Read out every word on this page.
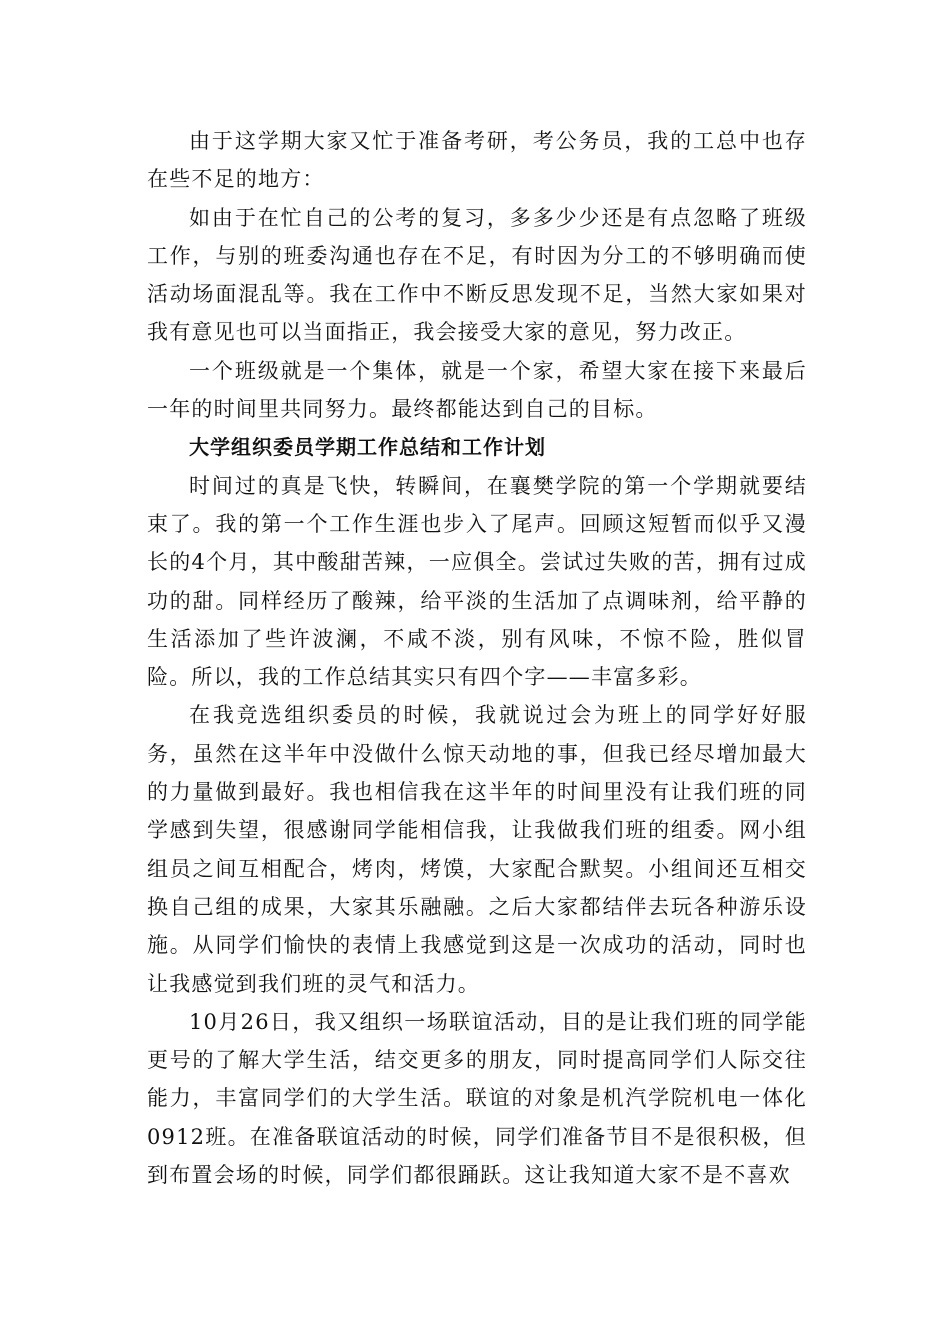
由于这学期大家又忙于准备考研，考公务员，我的工总中也存在些不足的地方：

如由于在忙自己的公考的复习，多多少少还是有点忽略了班级工作，与别的班委沟通也存在不足，有时因为分工的不够明确而使活动场面混乱等。我在工作中不断反思发现不足，当然大家如果对我有意见也可以当面指正，我会接受大家的意见，努力改正。

一个班级就是一个集体，就是一个家，希望大家在接下来最后一年的时间里共同努力。最终都能达到自己的目标。

大学组织委员学期工作总结和工作计划

时间过的真是飞快，转瞬间，在襄樊学院的第一个学期就要结束了。我的第一个工作生涯也步入了尾声。回顾这短暂而似乎又漫长的4个月，其中酸甜苦辣，一应俱全。尝试过失败的苦，拥有过成功的甜。同样经历了酸辣，给平淡的生活加了点调味剂，给平静的生活添加了些许波澜，不咸不淡，别有风味，不惊不险，胜似冒险。所以，我的工作总结其实只有四个字——丰富多彩。

在我竞选组织委员的时候，我就说过会为班上的同学好好服务，虽然在这半年中没做什么惊天动地的事，但我已经尽增加最大的力量做到最好。我也相信我在这半年的时间里没有让我们班的同学感到失望，很感谢同学能相信我，让我做我们班的组委。网小组组员之间互相配合，烤肉，烤馍，大家配合默契。小组间还互相交换自己组的成果，大家其乐融融。之后大家都结伴去玩各种游乐设施。从同学们愉快的表情上我感觉到这是一次成功的活动，同时也让我感觉到我们班的灵气和活力。

10月26日，我又组织一场联谊活动，目的是让我们班的同学能更号的了解大学生活，结交更多的朋友，同时提高同学们人际交往能力，丰富同学们的大学生活。联谊的对象是机汽学院机电一体化0912班。在准备联谊活动的时候，同学们准备节目不是很积极，但到布置会场的时候，同学们都很踊跃。这让我知道大家不是不喜欢
